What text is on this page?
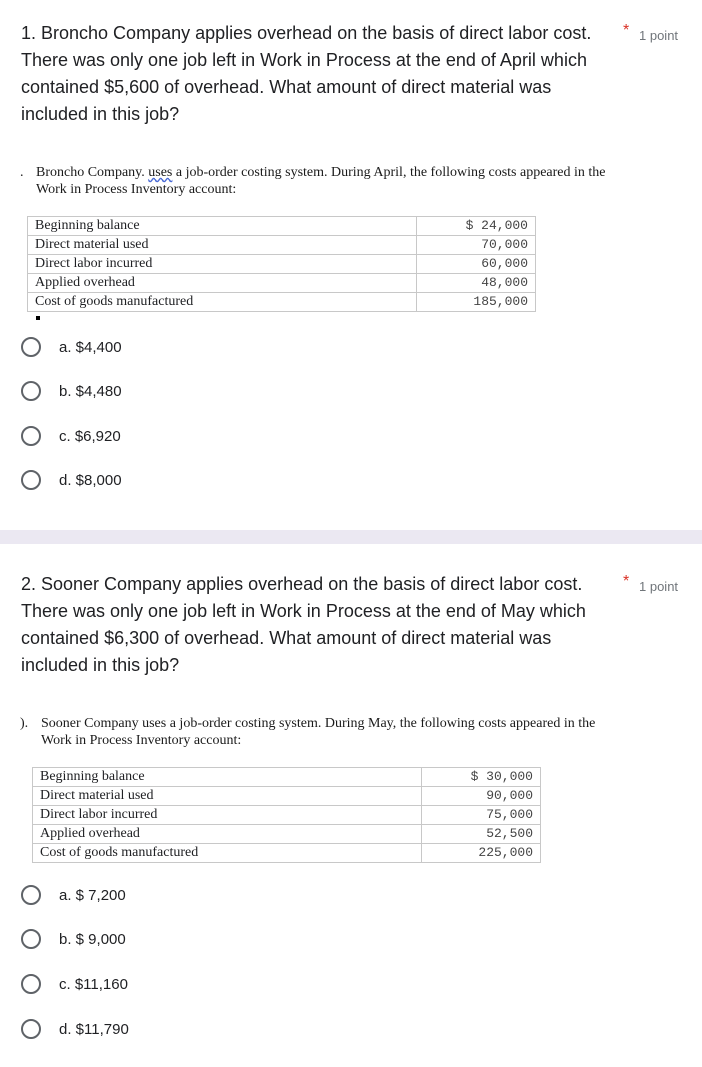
1. Broncho Company applies overhead on the basis of direct labor cost. There was only one job left in Work in Process at the end of April which contained $5,600 of overhead. What amount of direct material was included in this job?
* 1 point
. Broncho Company. uses a job-order costing system. During April, the following costs appeared in the
Work in Process Inventory account:
Beginning balance	$ 24,000
Direct material used	70,000
Direct labor incurred	60,000
Applied overhead	48,000
Cost of goods manufactured	185,000
a. $4,400
b. $4,480
c. $6,920
d. $8,000
2. Sooner Company applies overhead on the basis of direct labor cost. There was only one job left in Work in Process at the end of May which contained $6,300 of overhead. What amount of direct material was included in this job?
* 1 point
). Sooner Company uses a job-order costing system. During May, the following costs appeared in the
Work in Process Inventory account:
Beginning balance	$ 30,000
Direct material used	90,000
Direct labor incurred	75,000
Applied overhead	52,500
Cost of goods manufactured	225,000
a. $ 7,200
b. $ 9,000
c. $11,160
d. $11,790
